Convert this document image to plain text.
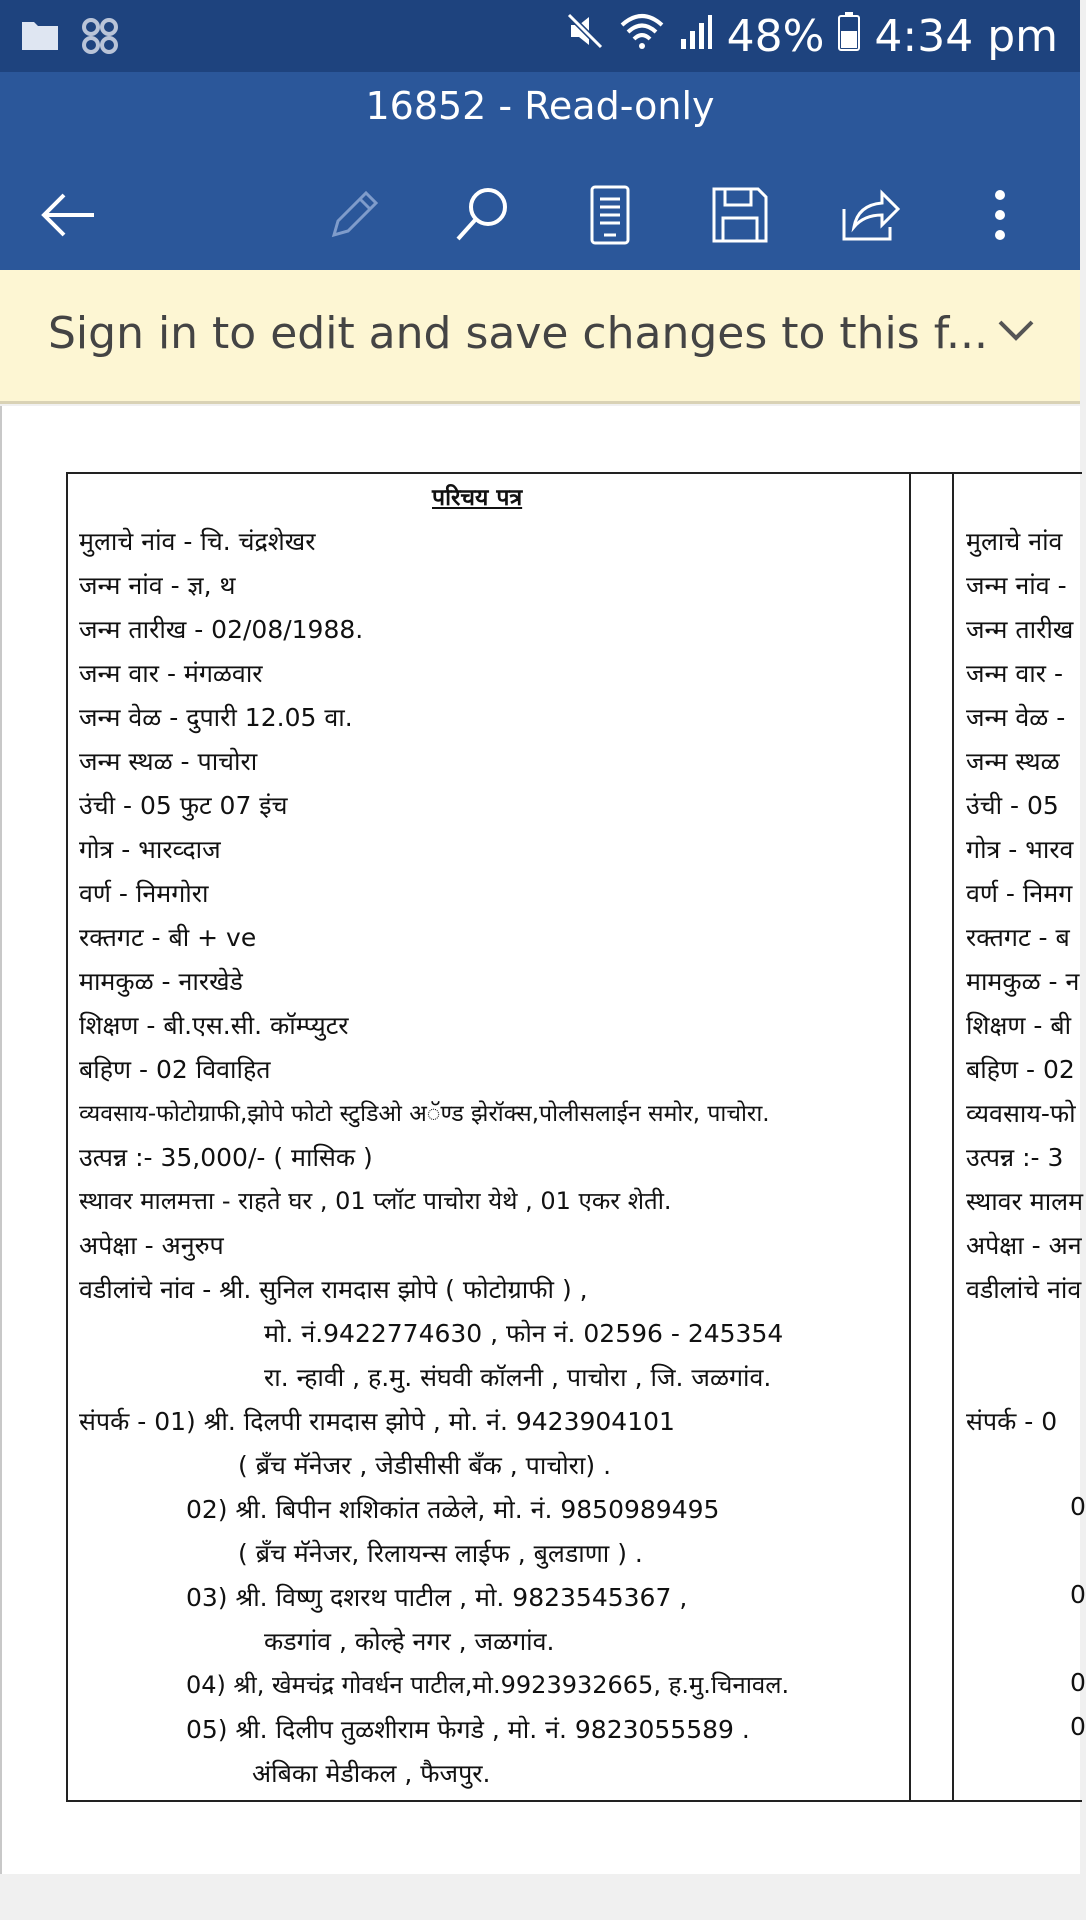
48% 4:34 pm
16852 - Read-only
Sign in to edit and save changes to this f...
परिचय पत्र
मुलाचे नांव - चि. चंद्रशेखर
जन्म नांव - ज्ञ, थ
जन्म तारीख - 02/08/1988.
जन्म वार - मंगळवार
जन्म वेळ - दुपारी 12.05 वा.
जन्म स्थळ - पाचोरा
उंची - 05 फुट 07 इंच
गोत्र - भारव्दाज
वर्ण - निमगोरा
रक्तगट - बी + ve
मामकुळ - नारखेडे
शिक्षण - बी.एस.सी. कॉम्प्युटर
बहिण - 02 विवाहित
व्यवसाय-फोटोग्राफी,झोपे फोटो स्टुडिओ अॅण्ड झेरॉक्स,पोलीसलाईन समोर, पाचोरा.
उत्पन्न :- 35,000/- ( मासिक )
स्थावर मालमत्ता - राहते घर , 01 प्लॉट पाचोरा येथे , 01 एकर शेती.
अपेक्षा - अनुरुप
वडीलांचे नांव - श्री. सुनिल रामदास झोपे ( फोटोग्राफी ) ,
मो. नं.9422774630 , फोन नं. 02596 - 245354
रा. न्हावी , ह.मु. संघवी कॉलनी , पाचोरा , जि. जळगांव.
संपर्क - 01) श्री. दिलपी रामदास झोपे , मो. नं. 9423904101
( ब्रँच मॅनेजर , जेडीसीसी बँक , पाचोरा) .
02) श्री. बिपीन शशिकांत तळेले, मो. नं. 9850989495
( ब्रँच मॅनेजर, रिलायन्स लाईफ , बुलडाणा ) .
03) श्री. विष्णु दशरथ पाटील , मो. 9823545367 ,
कडगांव , कोल्हे नगर , जळगांव.
04) श्री, खेमचंद्र गोवर्धन पाटील,मो.9923932665, ह.मु.चिनावल.
05) श्री. दिलीप तुळशीराम फेगडे , मो. नं. 9823055589 .
अंबिका मेडीकल , फैजपुर.
मुलाचे नांव
जन्म नांव -
जन्म तारीख
जन्म वार -
जन्म वेळ -
जन्म स्थळ
उंची - 05
गोत्र - भारव
वर्ण - निमग
रक्तगट - ब
मामकुळ - न
शिक्षण - बी
बहिण - 02
व्यवसाय-फो
उत्पन्न :- 3
स्थावर मालम
अपेक्षा - अन
वडीलांचे नांव
संपर्क - 0
0
0
0
0
